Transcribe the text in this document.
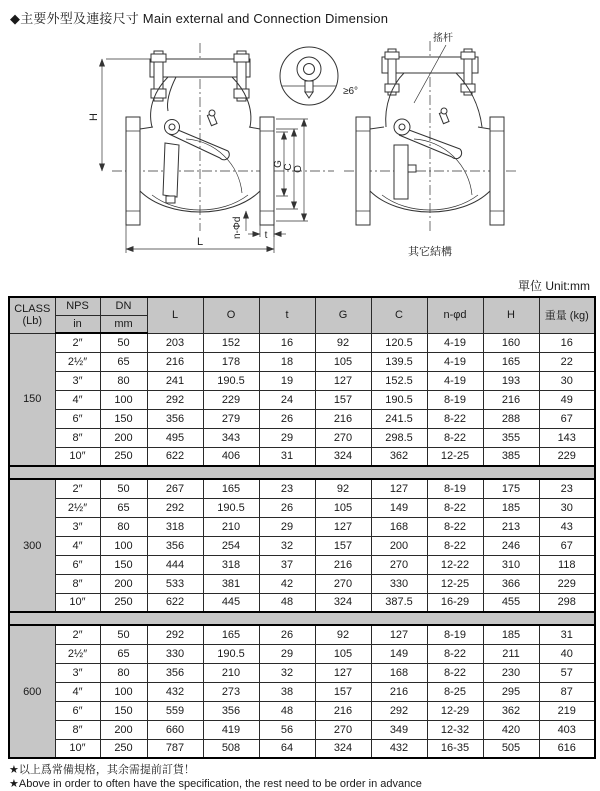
◆主要外型及連接尺寸 Main external and Connection Dimension
H
L
G C O
n-Φd t
≥6°
搖杆
其它結構
單位 Unit:mm
CLASS
(Lb)	NPS	DN	L	O	t	G	C	n-φd	H	重量 (kg)
	in	mm								
150	2″	50	203	152	16	92	120.5	4-19	160	16
	2½″	65	216	178	18	105	139.5	4-19	165	22
	3″	80	241	190.5	19	127	152.5	4-19	193	30
	4″	100	292	229	24	157	190.5	8-19	216	49
	6″	150	356	279	26	216	241.5	8-22	288	67
	8″	200	495	343	29	270	298.5	8-22	355	143
	10″	250	622	406	31	324	362	12-25	385	229

300	2″	50	267	165	23	92	127	8-19	175	23
	2½″	65	292	190.5	26	105	149	8-22	185	30
	3″	80	318	210	29	127	168	8-22	213	43
	4″	100	356	254	32	157	200	8-22	246	67
	6″	150	444	318	37	216	270	12-22	310	118
	8″	200	533	381	42	270	330	12-25	366	229
	10″	250	622	445	48	324	387.5	16-29	455	298

600	2″	50	292	165	26	92	127	8-19	185	31
	2½″	65	330	190.5	29	105	149	8-22	211	40
	3″	80	356	210	32	127	168	8-22	230	57
	4″	100	432	273	38	157	216	8-25	295	87
	6″	150	559	356	48	216	292	12-29	362	219
	8″	200	660	419	56	270	349	12-32	420	403
	10″	250	787	508	64	324	432	16-35	505	616
★以上爲常備規格，其余需提前訂貨！
★Above in order to often have the specification, the rest need to be order in advance
